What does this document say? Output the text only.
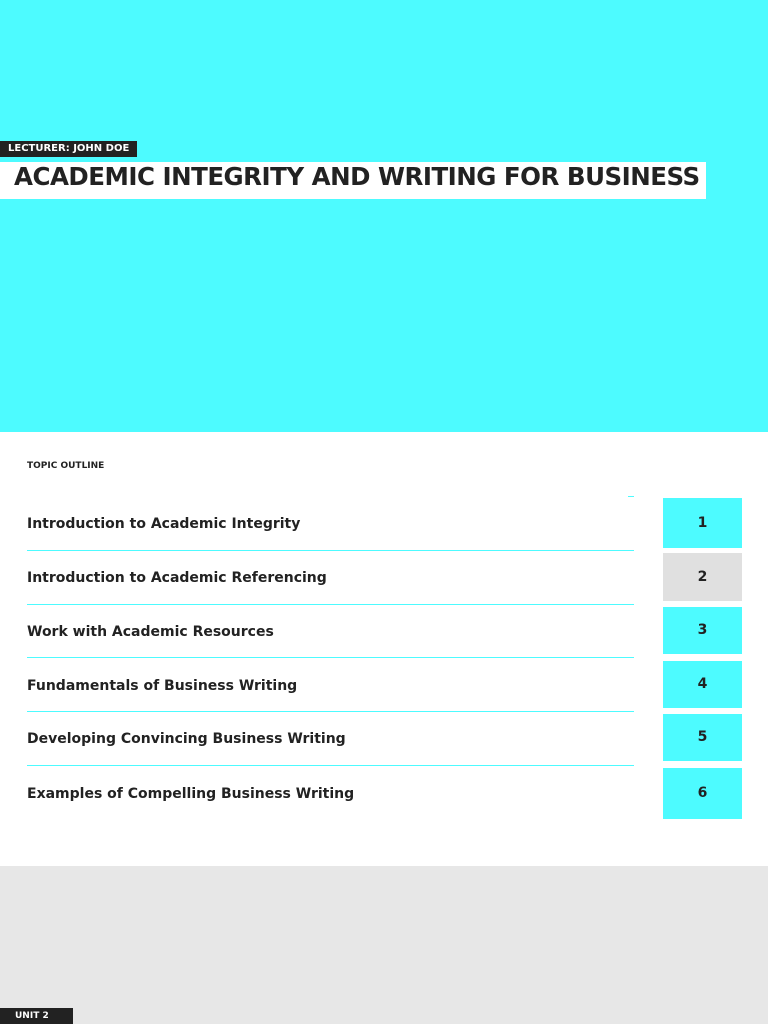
LECTURER: JOHN DOE
ACADEMIC INTEGRITY AND WRITING FOR BUSINESS
TOPIC OUTLINE
Introduction to Academic Integrity	1
Introduction to Academic Referencing	2
Work with Academic Resources	3
Fundamentals of Business Writing	4
Developing Convincing Business Writing	5
Examples of Compelling Business Writing	6
UNIT 2
